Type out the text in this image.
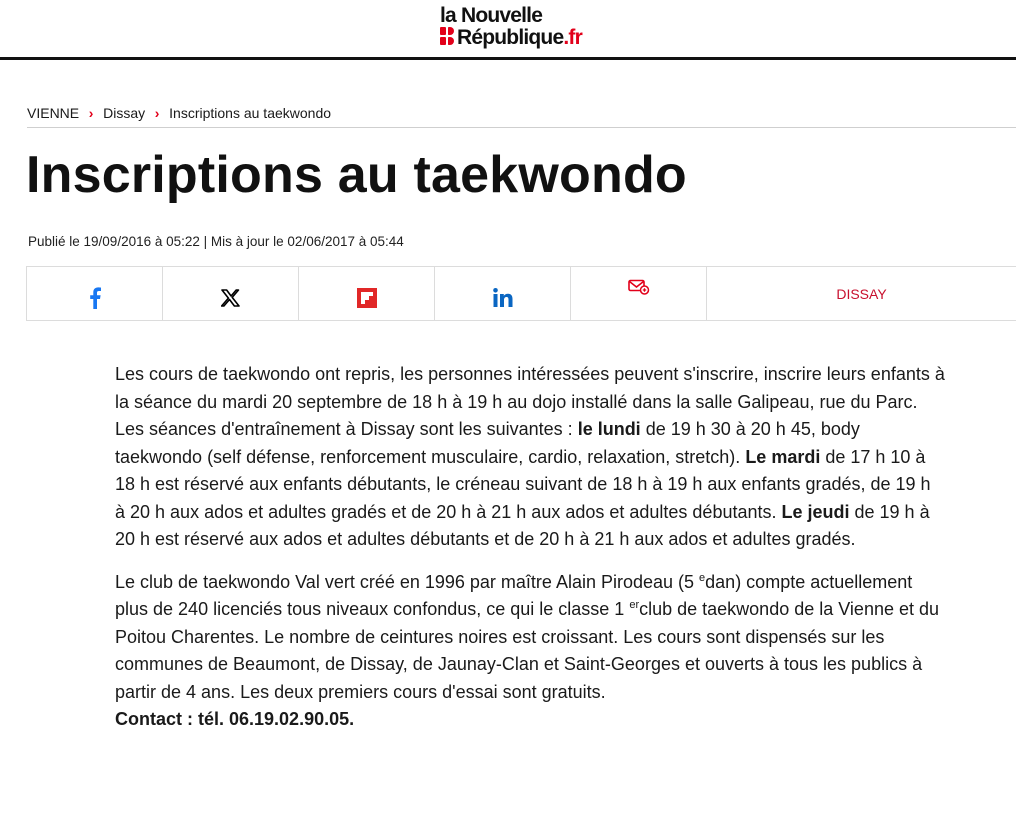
la Nouvelle
République.fr
VIENNE › Dissay › Inscriptions au taekwondo
Inscriptions au taekwondo
Publié le 19/09/2016 à 05:22 | Mis à jour le 02/06/2017 à 05:44
DISSAY

Les cours de taekwondo ont repris, les personnes intéressées peuvent s'inscrire, inscrire leurs enfants à la séance du mardi 20 septembre de 18 h à 19 h au dojo installé dans la salle Galipeau, rue du Parc.

Les séances d'entraînement à Dissay sont les suivantes : le lundi de 19 h 30 à 20 h 45, body taekwondo (self défense, renforcement musculaire, cardio, relaxation, stretch). Le mardi de 17 h 10 à 18 h est réservé aux enfants débutants, le créneau suivant de 18 h à 19 h aux enfants gradés, de 19 h à 20 h aux ados et adultes gradés et de 20 h à 21 h aux ados et adultes débutants. Le jeudi de 19 h à 20 h est réservé aux ados et adultes débutants et de 20 h à 21 h aux ados et adultes gradés.

Le club de taekwondo Val vert créé en 1996 par maître Alain Pirodeau (5 $^e$dan) compte actuellement plus de 240 licenciés tous niveaux confondus, ce qui le classe 1 $^{er}$club de taekwondo de la Vienne et du Poitou Charentes. Le nombre de ceintures noires est croissant. Les cours sont dispensés sur les communes de Beaumont, de Dissay, de Jaunay-Clan et Saint-Georges et ouverts à tous les publics à partir de 4 ans. Les deux premiers cours d'essai sont gratuits.

Contact : tél. 06.19.02.90.05.
